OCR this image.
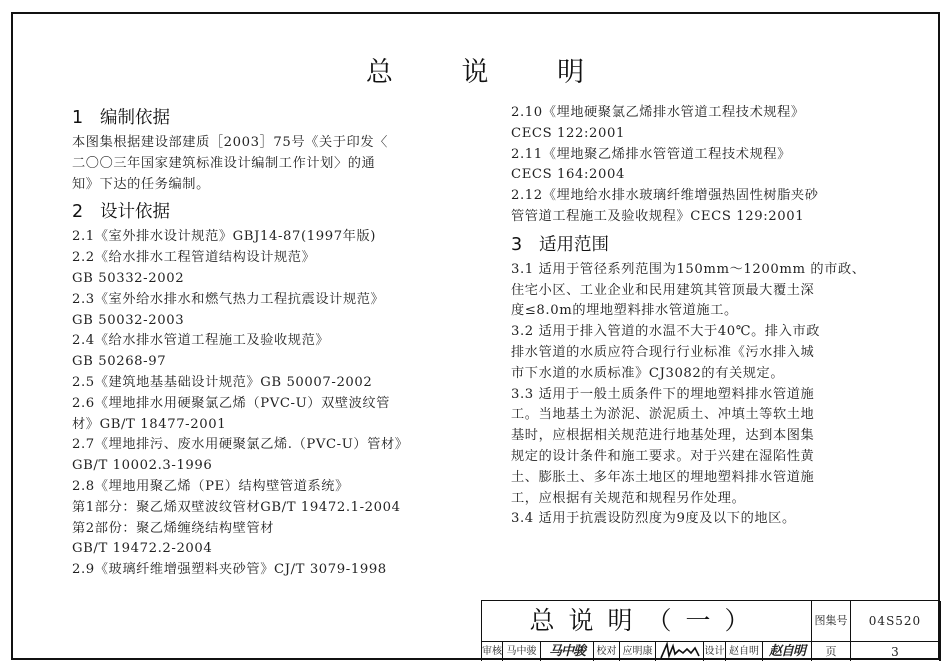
总 说 明
1 编制依据
本图集根据建设部建质［2003］75号《关于印发〈
二〇〇三年国家建筑标准设计编制工作计划〉的通
知》下达的任务编制。
2 设计依据
2.1《室外排水设计规范》GBJ14-87(1997年版)
2.2《给水排水工程管道结构设计规范》
GB 50332-2002
2.3《室外给水排水和燃气热力工程抗震设计规范》
GB 50032-2003
2.4《给水排水管道工程施工及验收规范》
GB 50268-97
2.5《建筑地基基础设计规范》GB 50007-2002
2.6《埋地排水用硬聚氯乙烯（PVC-U）双壁波纹管
材》GB/T 18477-2001
2.7《埋地排污、废水用硬聚氯乙烯.（PVC-U）管材》
GB/T 10002.3-1996
2.8《埋地用聚乙烯（PE）结构壁管道系统》
第1部分：聚乙烯双壁波纹管材GB/T 19472.1-2004
第2部份：聚乙烯缠绕结构壁管材
GB/T 19472.2-2004
2.9《玻璃纤维增强塑料夹砂管》CJ/T 3079-1998
2.10《埋地硬聚氯乙烯排水管道工程技术规程》
CECS 122:2001
2.11《埋地聚乙烯排水管管道工程技术规程》
CECS 164:2004
2.12《埋地给水排水玻璃纤维增强热固性树脂夹砂
管管道工程施工及验收规程》CECS 129:2001
3 适用范围
3.1 适用于管径系列范围为150mm～1200mm 的市政、
住宅小区、工业企业和民用建筑其管顶最大覆土深
度≤8.0m的埋地塑料排水管道施工。
3.2 适用于排入管道的水温不大于40℃。排入市政
排水管道的水质应符合现行行业标准《污水排入城
市下水道的水质标准》CJ3082的有关规定。
3.3 适用于一般土质条件下的埋地塑料排水管道施
工。当地基土为淤泥、淤泥质土、冲填土等软土地
基时，应根据相关规范进行地基处理，达到本图集
规定的设计条件和施工要求。对于兴建在湿陷性黄
土、膨胀土、多年冻土地区的埋地塑料排水管道施
工，应根据有关规范和规程另作处理。
3.4 适用于抗震设防烈度为9度及以下的地区。
总说明（一）	图集号	04S520
审核 马中骏 马中骏	校对 应明康	设计 赵自明 赵自明	页	3
